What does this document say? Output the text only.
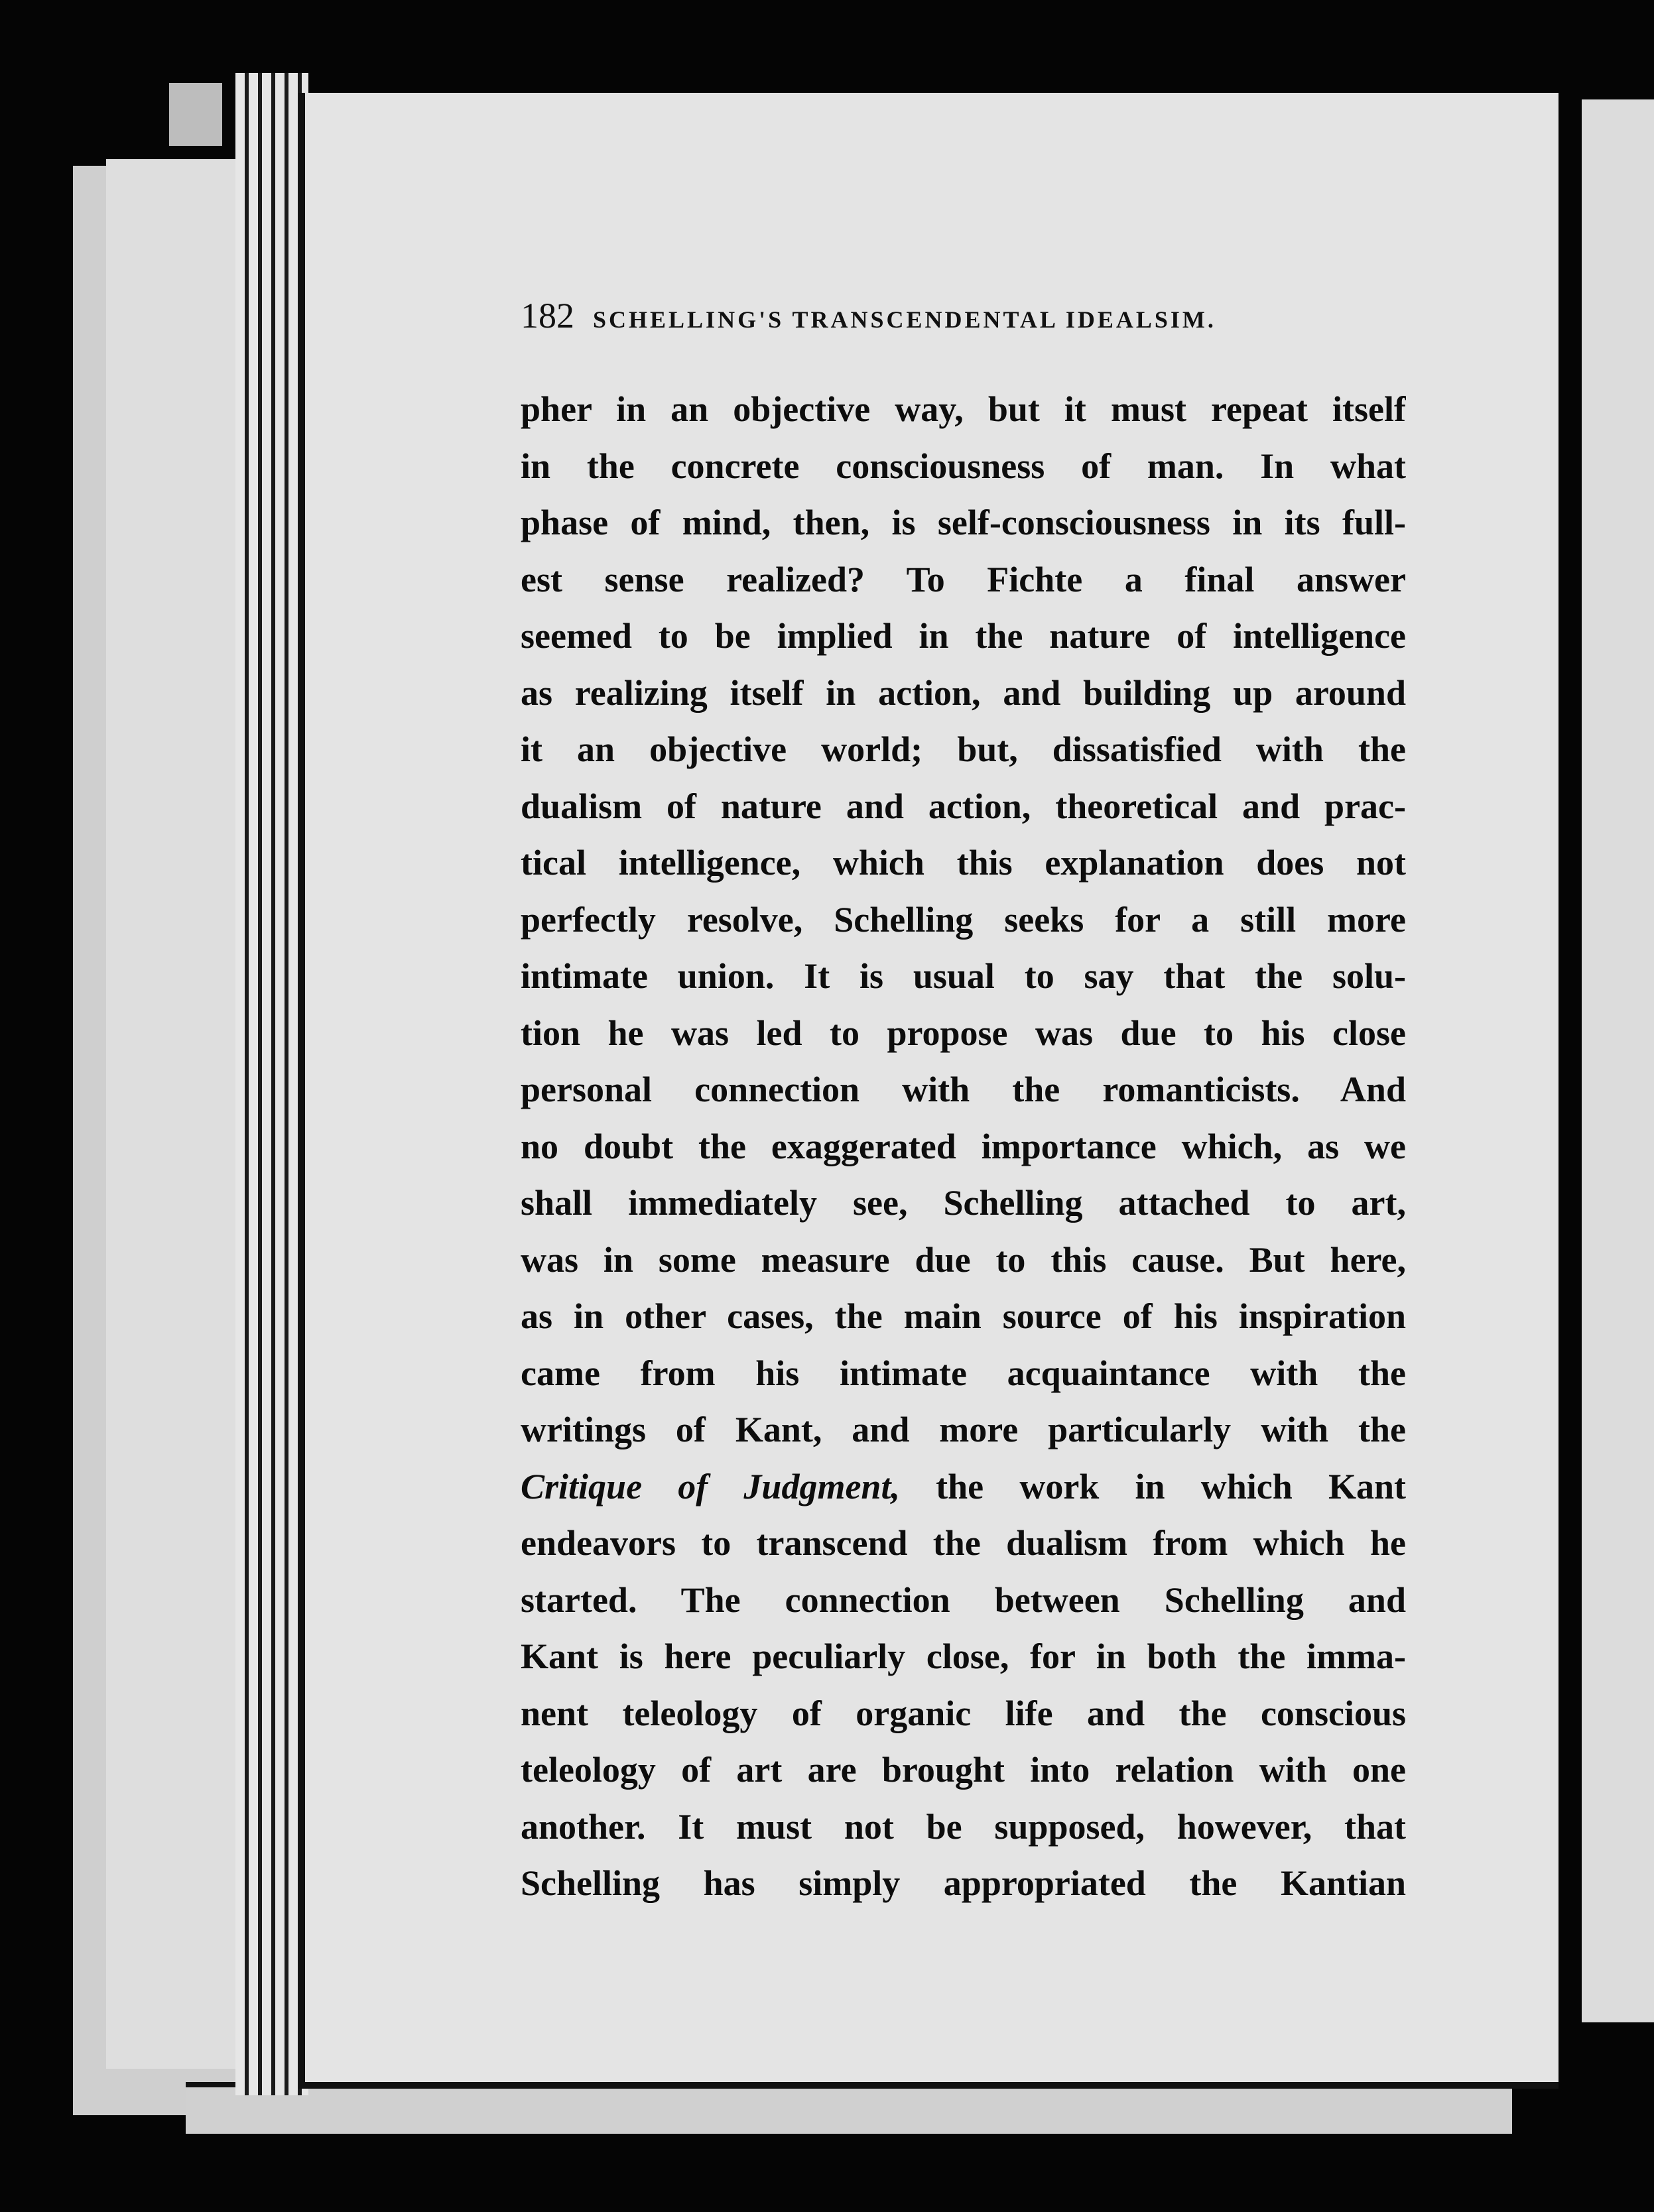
182 SCHELLING'S TRANSCENDENTAL IDEALSIM.
pher in an objective way, but it must repeat itself
in the concrete consciousness of man. In what
phase of mind, then, is self-consciousness in its full-
est sense realized? To Fichte a final answer
seemed to be implied in the nature of intelligence
as realizing itself in action, and building up around
it an objective world; but, dissatisfied with the
dualism of nature and action, theoretical and prac-
tical intelligence, which this explanation does not
perfectly resolve, Schelling seeks for a still more
intimate union. It is usual to say that the solu-
tion he was led to propose was due to his close
personal connection with the romanticists. And
no doubt the exaggerated importance which, as we
shall immediately see, Schelling attached to art,
was in some measure due to this cause. But here,
as in other cases, the main source of his inspiration
came from his intimate acquaintance with the
writings of Kant, and more particularly with the
Critique of Judgment, the work in which Kant
endeavors to transcend the dualism from which he
started. The connection between Schelling and
Kant is here peculiarly close, for in both the imma-
nent teleology of organic life and the conscious
teleology of art are brought into relation with one
another. It must not be supposed, however, that
Schelling has simply appropriated the Kantian
